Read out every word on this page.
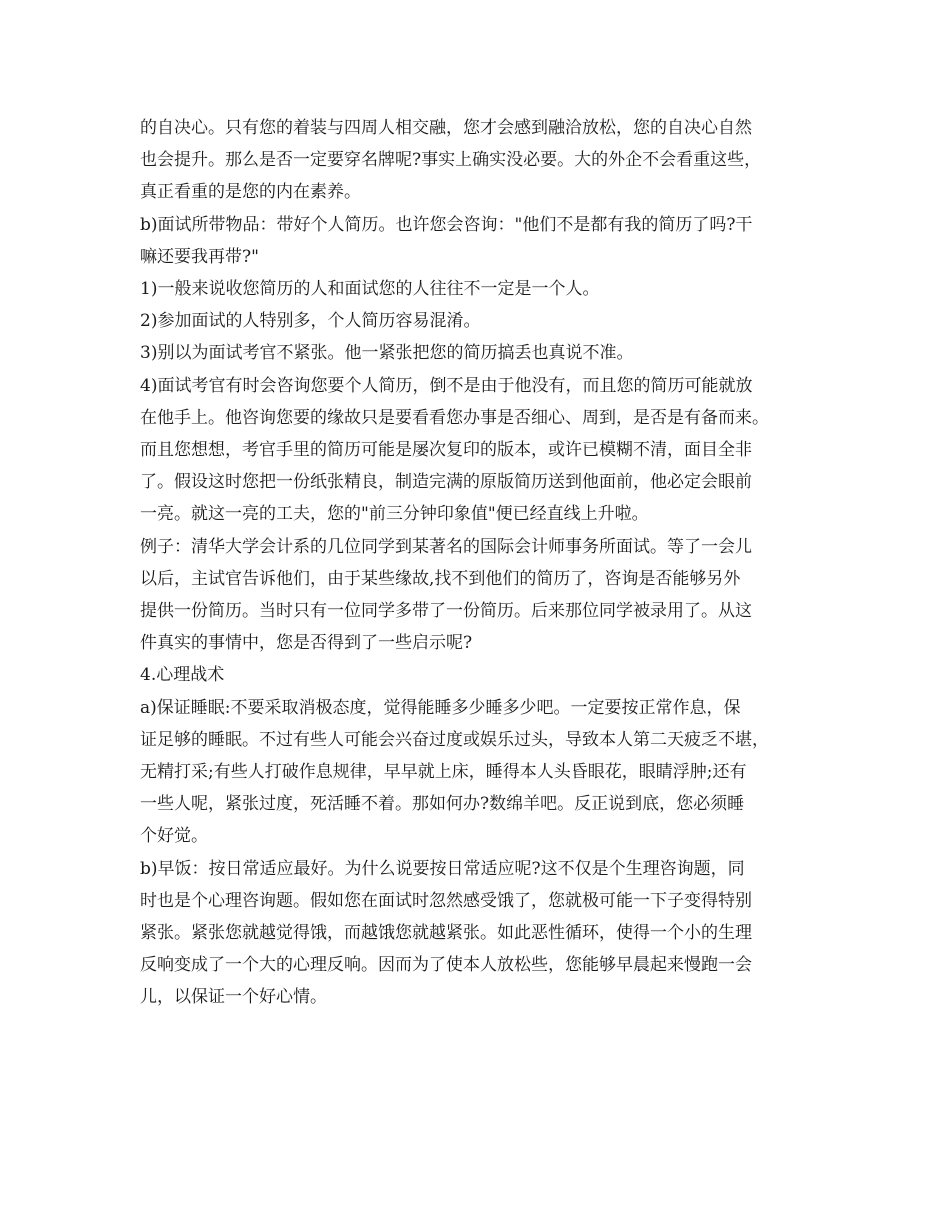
的自决心。只有您的着装与四周人相交融，您才会感到融洽放松，您的自决心自然
也会提升。那么是否一定要穿名牌呢?事实上确实没必要。大的外企不会看重这些，
真正看重的是您的内在素养。
b)面试所带物品：带好个人简历。也许您会咨询："他们不是都有我的简历了吗?干
嘛还要我再带?"
1)一般来说收您简历的人和面试您的人往往不一定是一个人。
2)参加面试的人特别多，个人简历容易混淆。
3)别以为面试考官不紧张。他一紧张把您的简历搞丢也真说不准。
4)面试考官有时会咨询您要个人简历，倒不是由于他没有，而且您的简历可能就放
在他手上。他咨询您要的缘故只是要看看您办事是否细心、周到，是否是有备而来。
而且您想想，考官手里的简历可能是屡次复印的版本，或许已模糊不清，面目全非
了。假设这时您把一份纸张精良，制造完满的原版简历送到他面前，他必定会眼前
一亮。就这一亮的工夫，您的"前三分钟印象值"便已经直线上升啦。
例子：清华大学会计系的几位同学到某著名的国际会计师事务所面试。等了一会儿
以后，主试官告诉他们，由于某些缘故,找不到他们的简历了，咨询是否能够另外
提供一份简历。当时只有一位同学多带了一份简历。后来那位同学被录用了。从这
件真实的事情中，您是否得到了一些启示呢?
4.心理战术
a)保证睡眠:不要采取消极态度，觉得能睡多少睡多少吧。一定要按正常作息，保
证足够的睡眠。不过有些人可能会兴奋过度或娱乐过头，导致本人第二天疲乏不堪，
无精打采;有些人打破作息规律，早早就上床，睡得本人头昏眼花，眼睛浮肿;还有
一些人呢，紧张过度，死活睡不着。那如何办?数绵羊吧。反正说到底，您必须睡
个好觉。
b)早饭：按日常适应最好。为什么说要按日常适应呢?这不仅是个生理咨询题，同
时也是个心理咨询题。假如您在面试时忽然感受饿了，您就极可能一下子变得特别
紧张。紧张您就越觉得饿，而越饿您就越紧张。如此恶性循环，使得一个小的生理
反响变成了一个大的心理反响。因而为了使本人放松些，您能够早晨起来慢跑一会
儿，以保证一个好心情。
